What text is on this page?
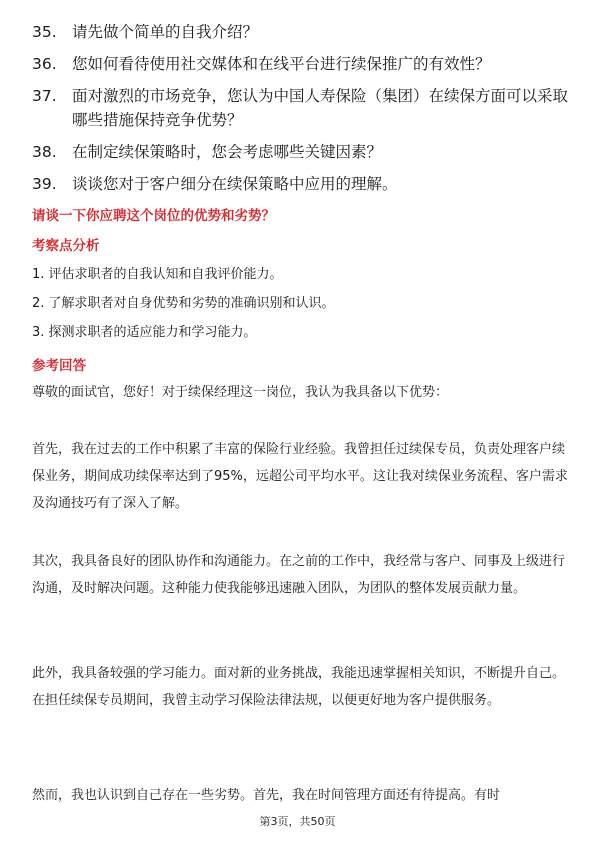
35. 请先做个简单的自我介绍？
36. 您如何看待使用社交媒体和在线平台进行续保推广的有效性？
37. 面对激烈的市场竞争，您认为中国人寿保险（集团）在续保方面可以采取哪些措施保持竞争优势？
38. 在制定续保策略时，您会考虑哪些关键因素？
39. 谈谈您对于客户细分在续保策略中应用的理解。
请谈一下你应聘这个岗位的优势和劣势？
考察点分析
1. 评估求职者的自我认知和自我评价能力。
2. 了解求职者对自身优势和劣势的准确识别和认识。
3. 探测求职者的适应能力和学习能力。
参考回答

尊敬的面试官，您好！对于续保经理这一岗位，我认为我具备以下优势：

首先，我在过去的工作中积累了丰富的保险行业经验。我曾担任过续保专员，负责处理客户续保业务，期间成功续保率达到了95%，远超公司平均水平。这让我对续保业务流程、客户需求及沟通技巧有了深入了解。

其次，我具备良好的团队协作和沟通能力。在之前的工作中，我经常与客户、同事及上级进行沟通，及时解决问题。这种能力使我能够迅速融入团队，为团队的整体发展贡献力量。

此外，我具备较强的学习能力。面对新的业务挑战，我能迅速掌握相关知识，不断提升自己。在担任续保专员期间，我曾主动学习保险法律法规，以便更好地为客户提供服务。

然而，我也认识到自己存在一些劣势。首先，我在时间管理方面还有待提高。有时

第3页，共50页
